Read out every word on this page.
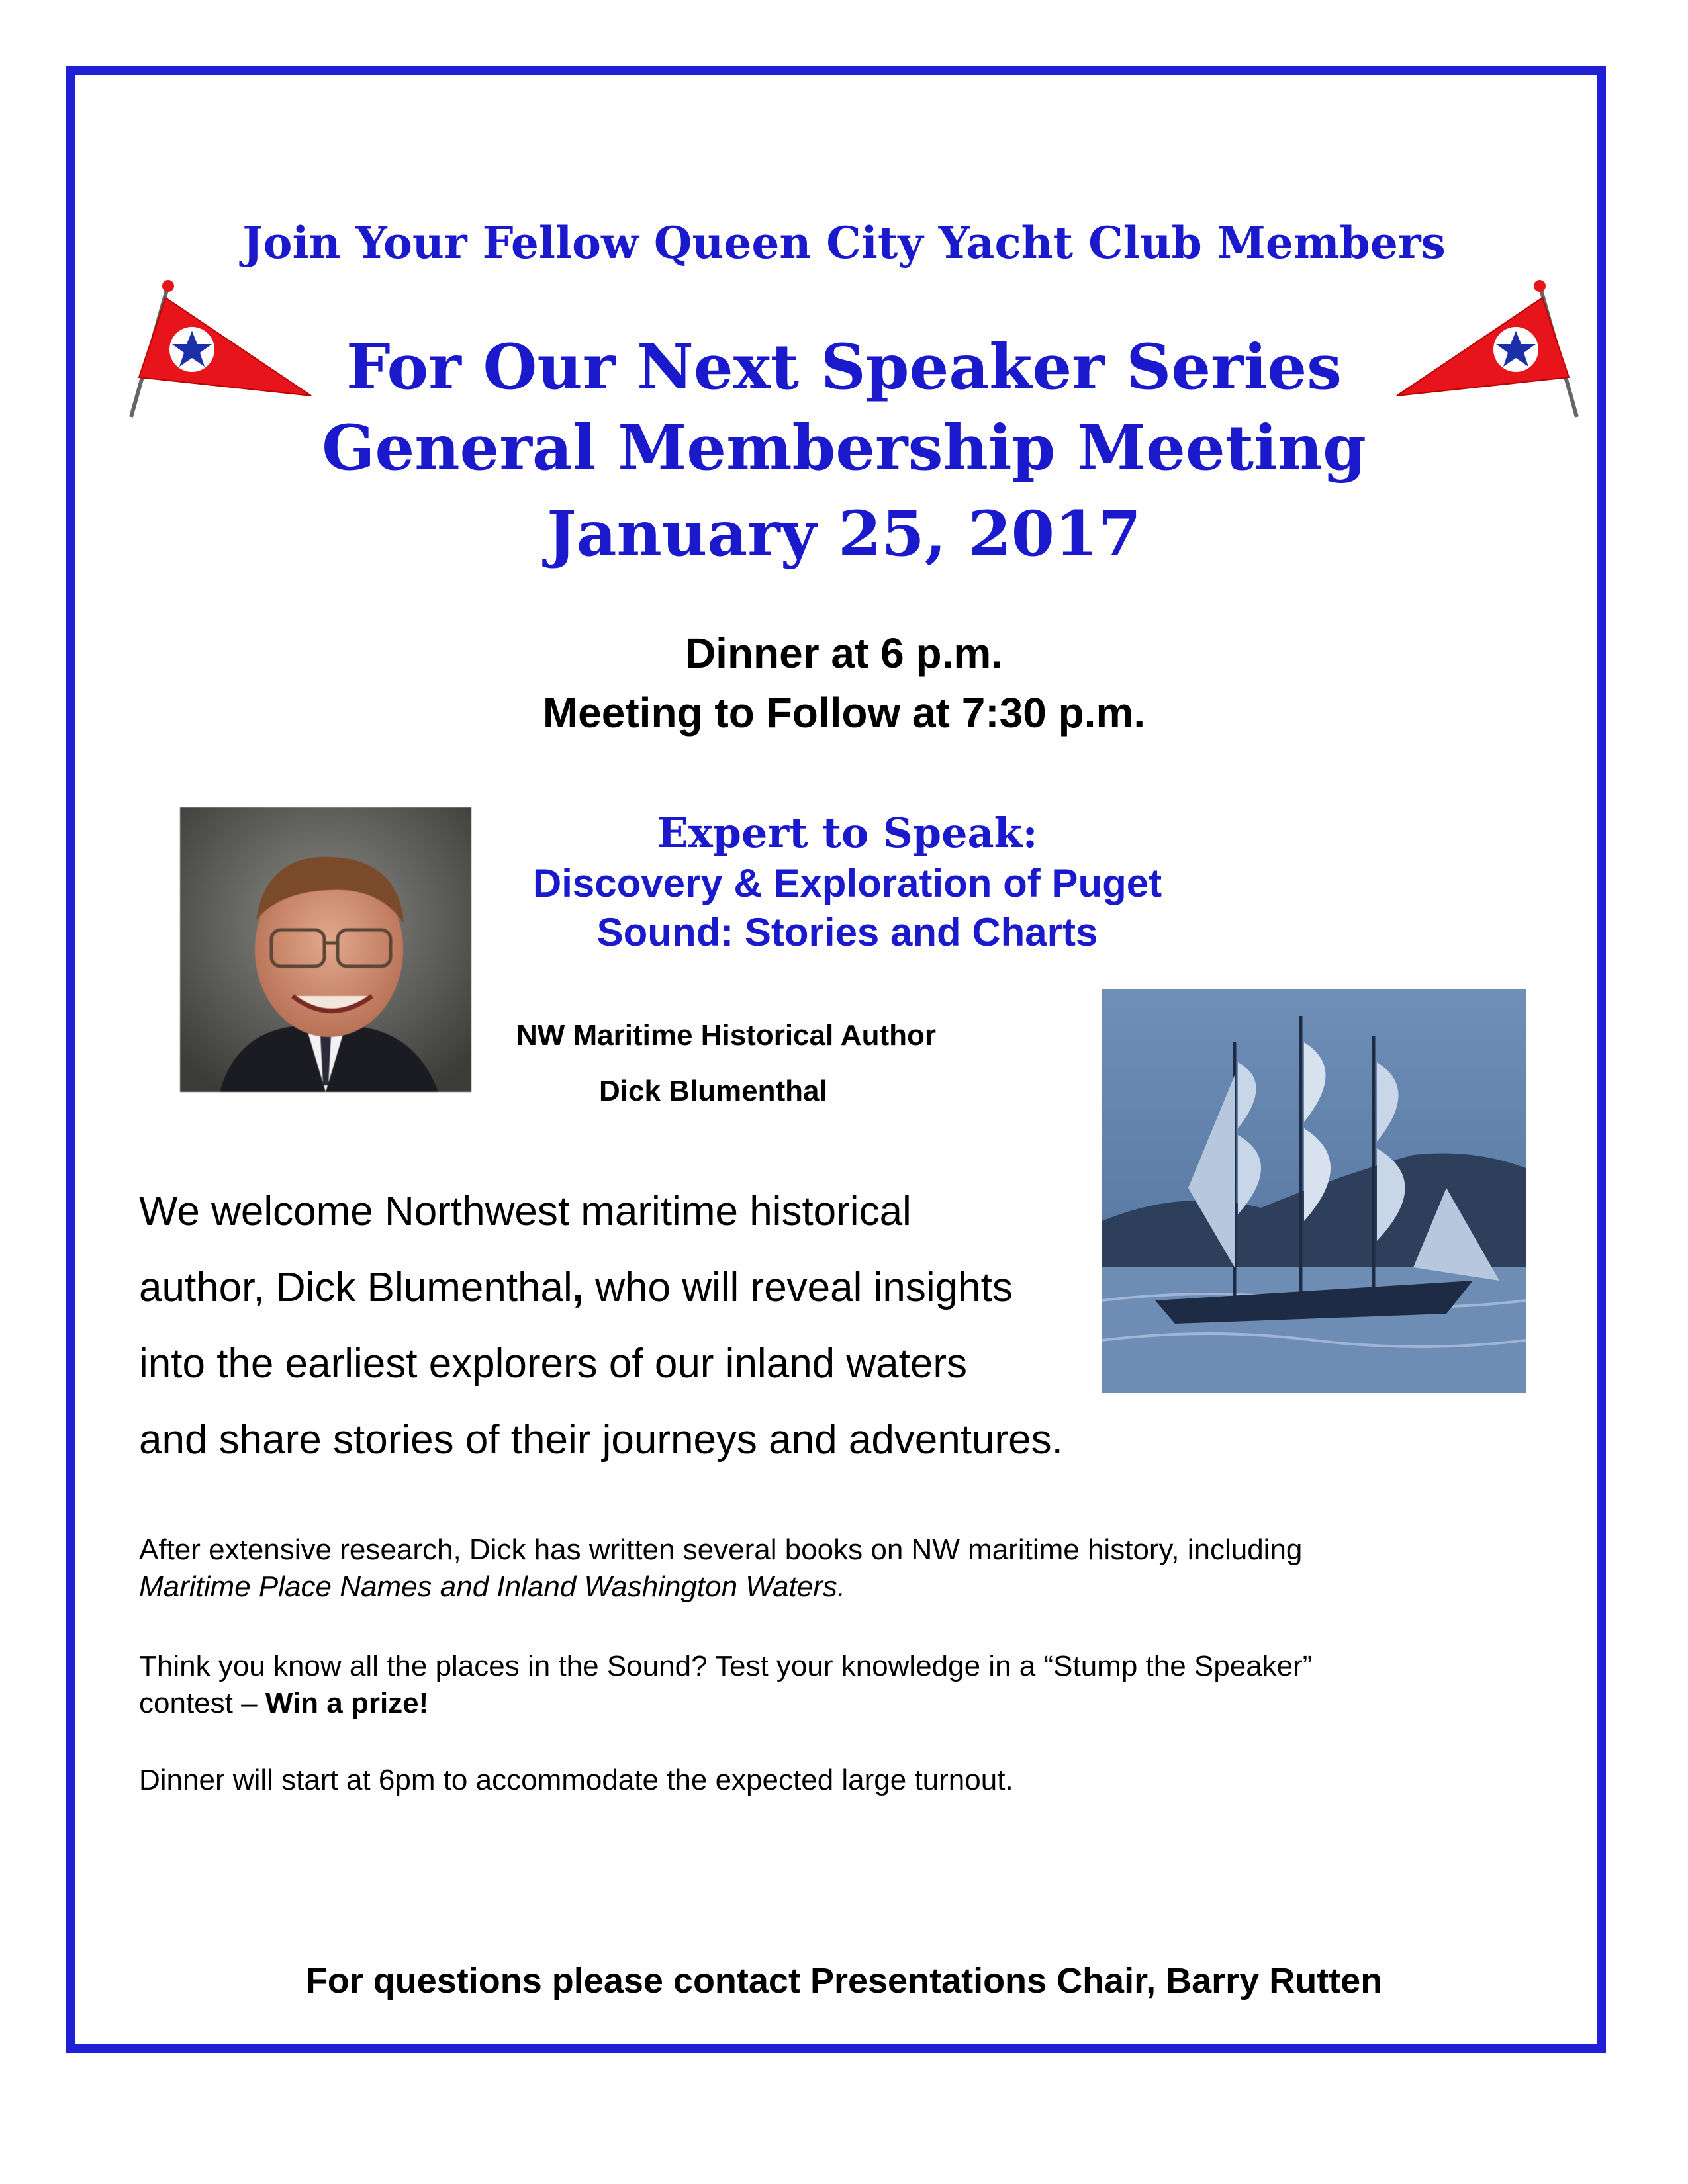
Join Your Fellow Queen City Yacht Club Members
For Our Next Speaker Series
General Membership Meeting
January 25, 2017
Dinner at 6 p.m.
Meeting to Follow at 7:30 p.m.
Expert to Speak:
Discovery & Exploration of Puget
Sound: Stories and Charts
NW Maritime Historical Author
Dick Blumenthal
We welcome Northwest maritime historical
author, Dick Blumenthal, who will reveal insights
into the earliest explorers of our inland waters
and share stories of their journeys and adventures.
After extensive research, Dick has written several books on NW maritime history, including
Maritime Place Names and Inland Washington Waters.
Think you know all the places in the Sound? Test your knowledge in a “Stump the Speaker”
contest – Win a prize!
Dinner will start at 6pm to accommodate the expected large turnout.
For questions please contact Presentations Chair, Barry Rutten
